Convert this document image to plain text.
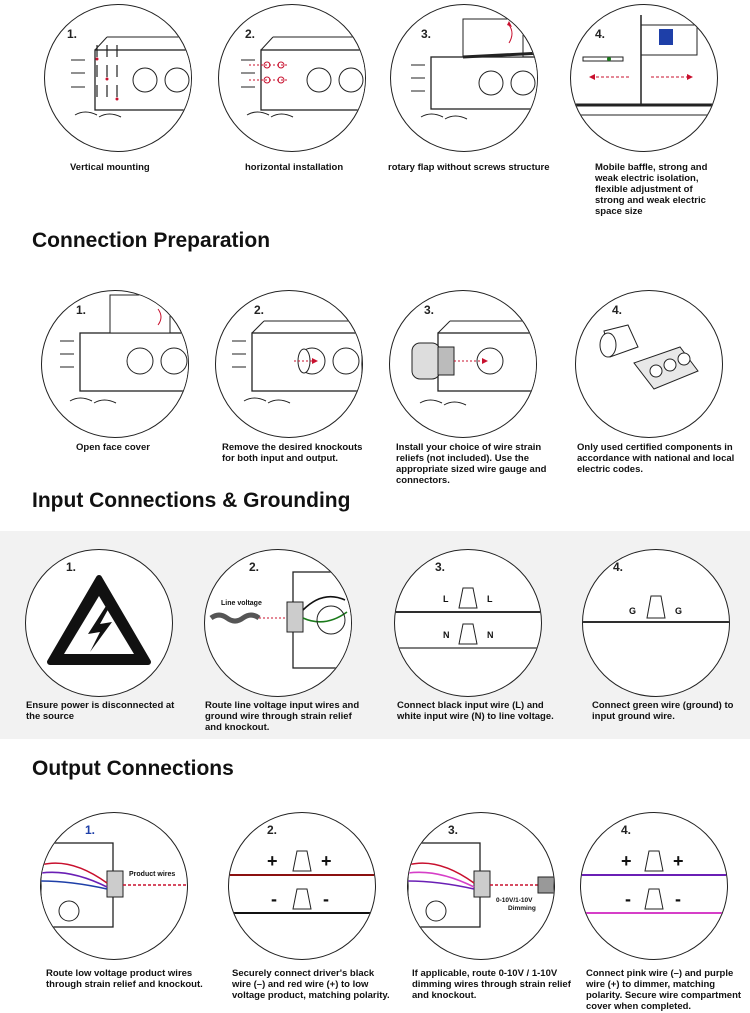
1.
Vertical mounting
2.
horizontal installation
3.
rotary flap without screws structure
4.
Mobile baffle, strong and weak electric isolation, flexible adjustment of strong and weak electric space size
Connection Preparation
1.
Open face cover
2.
Remove the desired knockouts for both input and output.
3.
Install your choice of wire strain reliefs (not included). Use the appropriate sized wire gauge and connectors.
4.
Only used certified components in accordance with national and local electric codes.
Input Connections & Grounding
1.
Ensure power is disconnected at the source
2.
Line voltage
Route line voltage input wires and ground wire through strain relief and knockout.
3.
L	L
N	N
Connect black input wire (L) and white input wire (N) to line voltage.
4.
G	G
Connect green wire (ground) to input ground wire.
Output Connections
1.
Product wires
Route low voltage product wires through strain relief and knockout.
2.
+ +
-	-
Securely connect driver's black wire (–) and red wire (+) to low voltage product, matching polarity.
3.
0-10V/1-10V
Dimming
If applicable, route 0-10V / 1-10V dimming wires through strain relief and knockout.
4.
+ +
- -
Connect pink wire (–) and purple wire (+) to dimmer, matching polarity. Secure wire compartment cover when completed.
